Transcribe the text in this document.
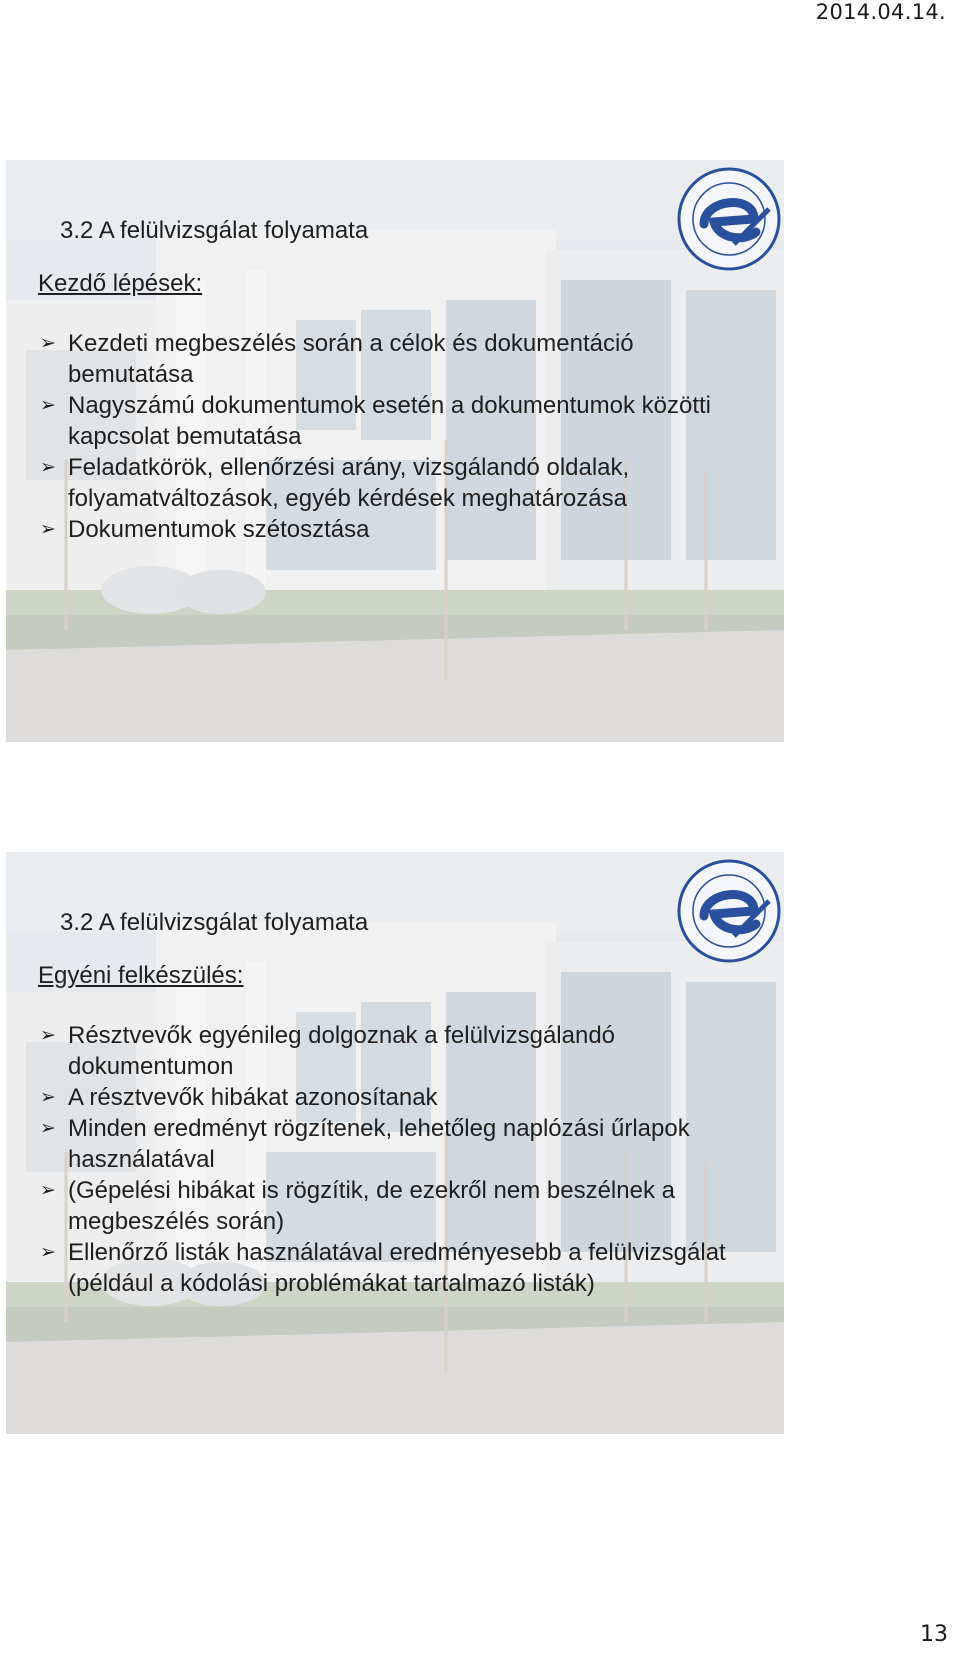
2014.04.14.
3.2 A felülvizsgálat folyamata
Kezdő lépések:
➢ Kezdeti megbeszélés során a célok és dokumentáció bemutatása
➢ Nagyszámú dokumentumok esetén a dokumentumok közötti kapcsolat bemutatása
➢ Feladatkörök, ellenőrzési arány, vizsgálandó oldalak, folyamatváltozások, egyéb kérdések meghatározása
➢ Dokumentumok szétosztása
3.2 A felülvizsgálat folyamata
Egyéni felkészülés:
➢ Résztvevők egyénileg dolgoznak a felülvizsgálandó dokumentumon
➢ A résztvevők hibákat azonosítanak
➢ Minden eredményt rögzítenek, lehetőleg naplózási űrlapok használatával
➢ (Gépelési hibákat is rögzítik, de ezekről nem beszélnek a megbeszélés során)
➢ Ellenőrző listák használatával eredményesebb a felülvizsgálat (például a kódolási problémákat tartalmazó listák)
13
